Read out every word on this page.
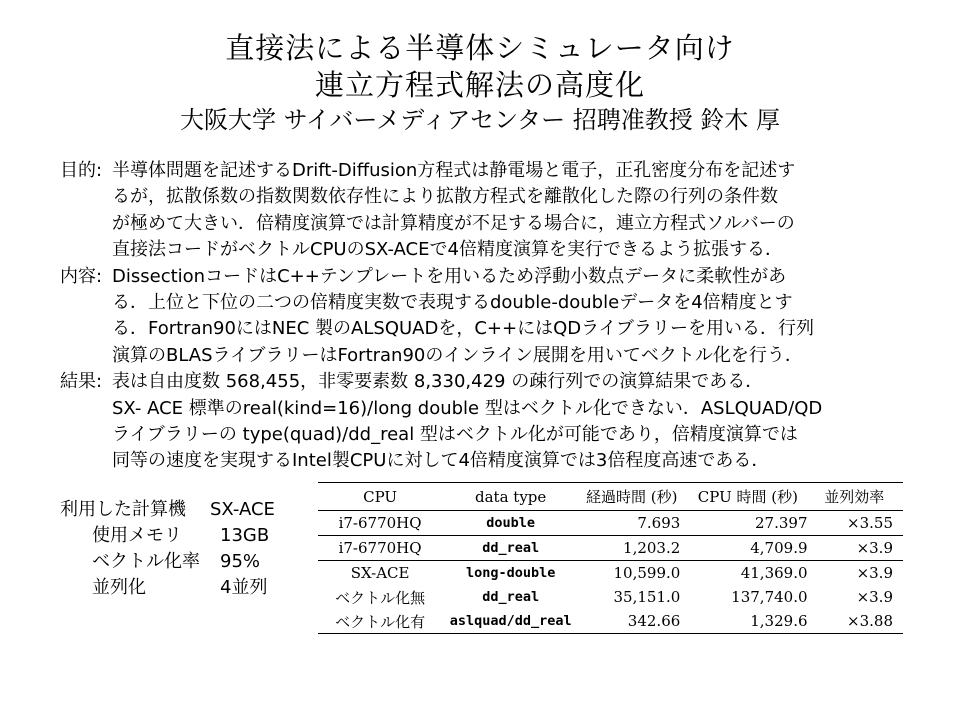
直接法による半導体シミュレータ向け
連立方程式解法の高度化
大阪大学 サイバーメディアセンター 招聘准教授 鈴木 厚
目的: 半導体問題を記述するDrift-Diffusion方程式は静電場と電子，正孔密度分布を記述す
るが，拡散係数の指数関数依存性により拡散方程式を離散化した際の行列の条件数
が極めて大きい．倍精度演算では計算精度が不足する場合に，連立方程式ソルバーの
直接法コードがベクトルCPUのSX-ACEで4倍精度演算を実行できるよう拡張する．
内容: DissectionコードはC++テンプレートを用いるため浮動小数点データに柔軟性があ
る．上位と下位の二つの倍精度実数で表現するdouble-doubleデータを4倍精度とす
る．Fortran90にはNEC 製のALSQUADを，C++にはQDライブラリーを用いる．行列
演算のBLASライブラリーはFortran90のインライン展開を用いてベクトル化を行う．
結果: 表は自由度数 568,455，非零要素数 8,330,429 の疎行列での演算結果である．
SX- ACE 標準のreal(kind=16)/long double 型はベクトル化できない．ASLQUAD/QD
ライブラリーの type(quad)/dd_real 型はベクトル化が可能であり，倍精度演算では
同等の速度を実現するIntel製CPUに対して4倍精度演算では3倍程度高速である．
利用した計算機	SX-ACE
使用メモリ	13GB
ベクトル化率	95%
並列化	4並列
CPU	data type	経過時間 (秒)	CPU 時間 (秒)	並列効率
i7-6770HQ	double	7.693	27.397	×3.55
i7-6770HQ	dd_real	1,203.2	4,709.9	×3.9
SX-ACE	long-double	10,599.0	41,369.0	×3.9
ベクトル化無	dd_real	35,151.0	137,740.0	×3.9
ベクトル化有	aslquad/dd_real	342.66	1,329.6	×3.88
